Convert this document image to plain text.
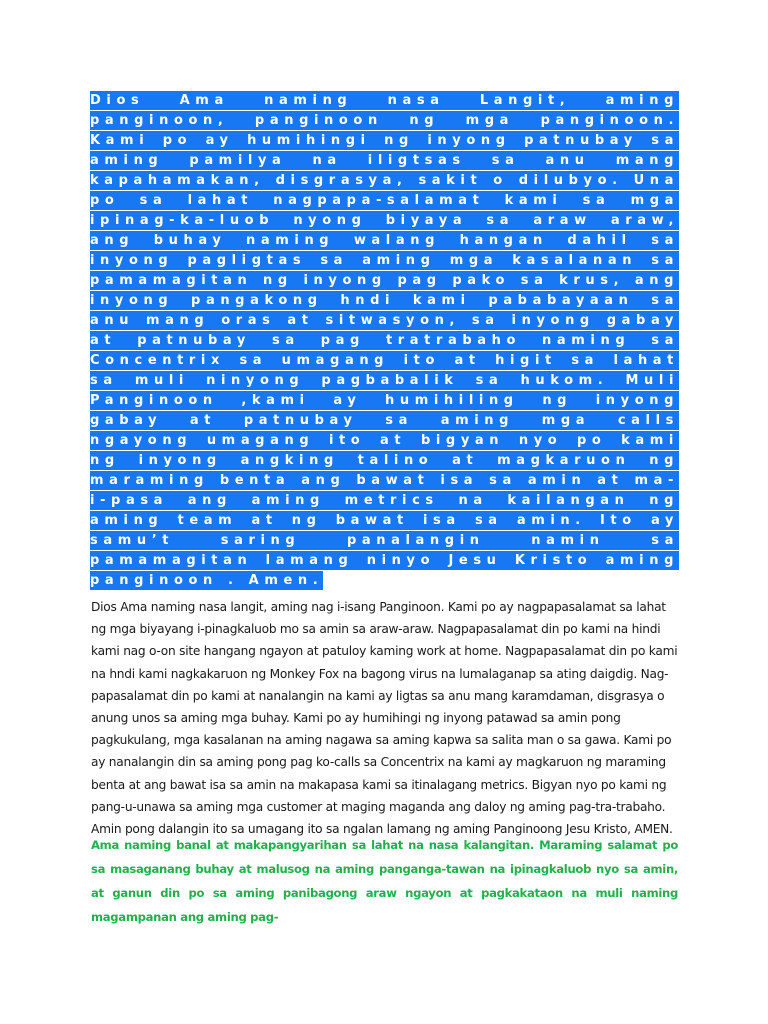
Dios Ama naming nasa Langit, aming panginoon, panginoon ng mga panginoon. Kami po ay humihingi ng inyong patnubay sa aming pamilya na iligtsas sa anu mang kapahamakan, disgrasya, sakit o dilubyo. Una po sa lahat nagpapa-salamat kami sa mga ipinag-ka-luob nyong biyaya sa araw araw, ang buhay naming walang hangan dahil sa inyong pagligtas sa aming mga kasalanan sa pamamagitan ng inyong pag pako sa krus, ang inyong pangakong hndi kami pababayaan sa anu mang oras at sitwasyon, sa inyong gabay at patnubay sa pag tratrabaho naming sa Concentrix sa umagang ito at higit sa lahat sa muli ninyong pagbabalik sa hukom. Muli Panginoon ,kami ay humihiling ng inyong gabay at patnubay sa aming mga calls ngayong umagang ito at bigyan nyo po kami ng inyong angking talino at magkaruon ng maraming benta ang bawat isa sa amin at ma-i-pasa ang aming metrics na kailangan ng aming team at ng bawat isa sa amin. Ito ay samu’t saring panalangin namin sa pamamagitan lamang ninyo Jesu Kristo aming panginoon . Amen.

Dios Ama naming nasa langit, aming nag i-isang Panginoon. Kami po ay nagpapasalamat sa lahat ng mga biyayang i-pinagkaluob mo sa amin sa araw-araw. Nagpapasalamat din po kami na hindi kami nag o-on site hangang ngayon at patuloy kaming work at home. Nagpapasalamat din po kami na hndi kami nagkakaruon ng Monkey Fox na bagong virus na lumalaganap sa ating daigdig. Nag-papasalamat din po kami at nanalangin na kami ay ligtas sa anu mang karamdaman, disgrasya o anung unos sa aming mga buhay. Kami po ay humihingi ng inyong patawad sa amin pong pagkukulang, mga kasalanan na aming nagawa sa aming kapwa sa salita man o sa gawa. Kami po ay nanalangin din sa aming pong pag ko-calls sa Concentrix na kami ay magkaruon ng maraming benta at ang bawat isa sa amin na makapasa kami sa itinalagang metrics. Bigyan nyo po kami ng pang-u-unawa sa aming mga customer at maging maganda ang daloy ng aming pag-tra-trabaho. Amin pong dalangin ito sa umagang ito sa ngalan lamang ng aming Panginoong Jesu Kristo, AMEN.

Ama naming banal at makapangyarihan sa lahat na nasa kalangitan. Maraming salamat po sa masaganang buhay at malusog na aming panganga-tawan na ipinagkaluob nyo sa amin, at ganun din po sa aming panibagong araw ngayon at pagkakataon na muli naming magampanan ang aming pag-
